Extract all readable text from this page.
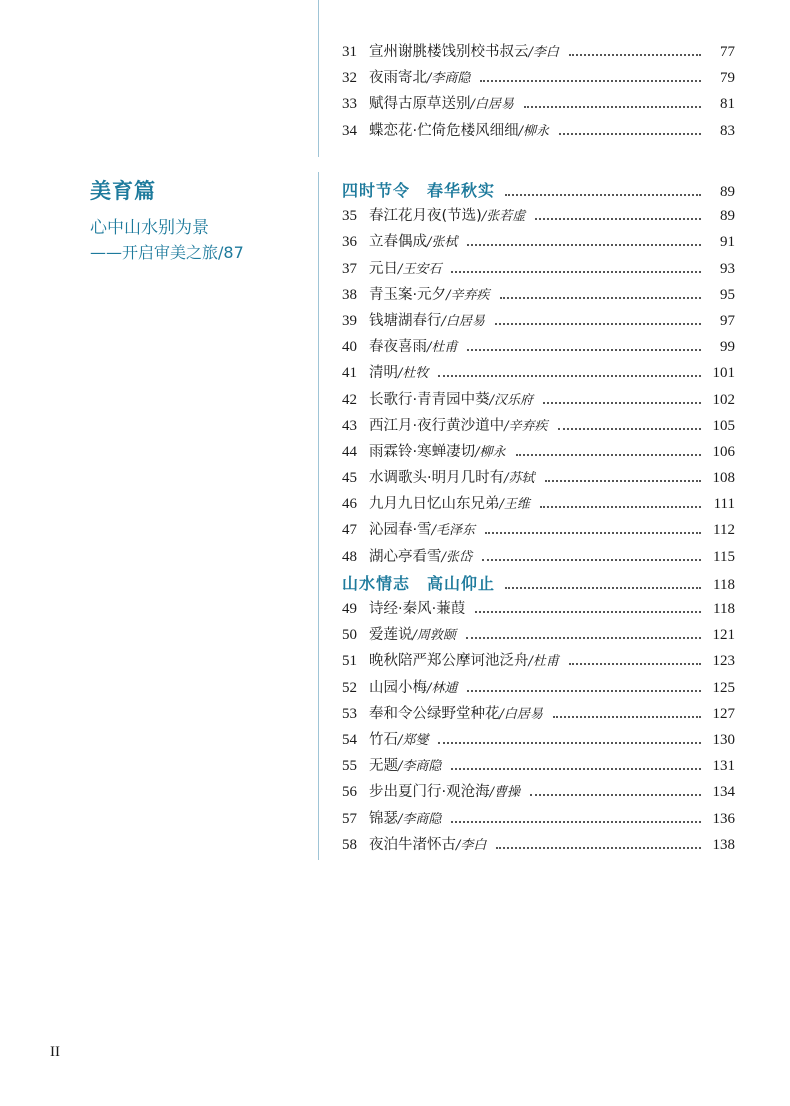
31 宣州谢朓楼饯别校书叔云 /李白	77
32 夜雨寄北 /李商隐	79
33 赋得古原草送别 /白居易	81
34 蝶恋花·伫倚危楼风细细 /柳永	83
美育篇
心中山水别为景
——开启审美之旅/87
四时节令　春华秋实	89
35 春江花月夜(节选) /张若虚	89
36 立春偶成 /张栻	91
37 元日 /王安石	93
38 青玉案·元夕 /辛弃疾	95
39 钱塘湖春行 /白居易	97
40 春夜喜雨 /杜甫	99
41 清明 /杜牧	101
42 长歌行·青青园中葵 /汉乐府	102
43 西江月·夜行黄沙道中 /辛弃疾	105
44 雨霖铃·寒蝉凄切 /柳永	106
45 水调歌头·明月几时有 /苏轼	108
46 九月九日忆山东兄弟 /王维	111
47 沁园春·雪 /毛泽东	112
48 湖心亭看雪 /张岱	115
山水情志　高山仰止	118
49 诗经·秦风·蒹葭	118
50 爱莲说 /周敦颐	121
51 晚秋陪严郑公摩诃池泛舟 /杜甫	123
52 山园小梅 /林逋	125
53 奉和令公绿野堂种花 /白居易	127
54 竹石 /郑燮	130
55 无题 /李商隐	131
56 步出夏门行·观沧海 /曹操	134
57 锦瑟 /李商隐	136
58 夜泊牛渚怀古 /李白	138
II
